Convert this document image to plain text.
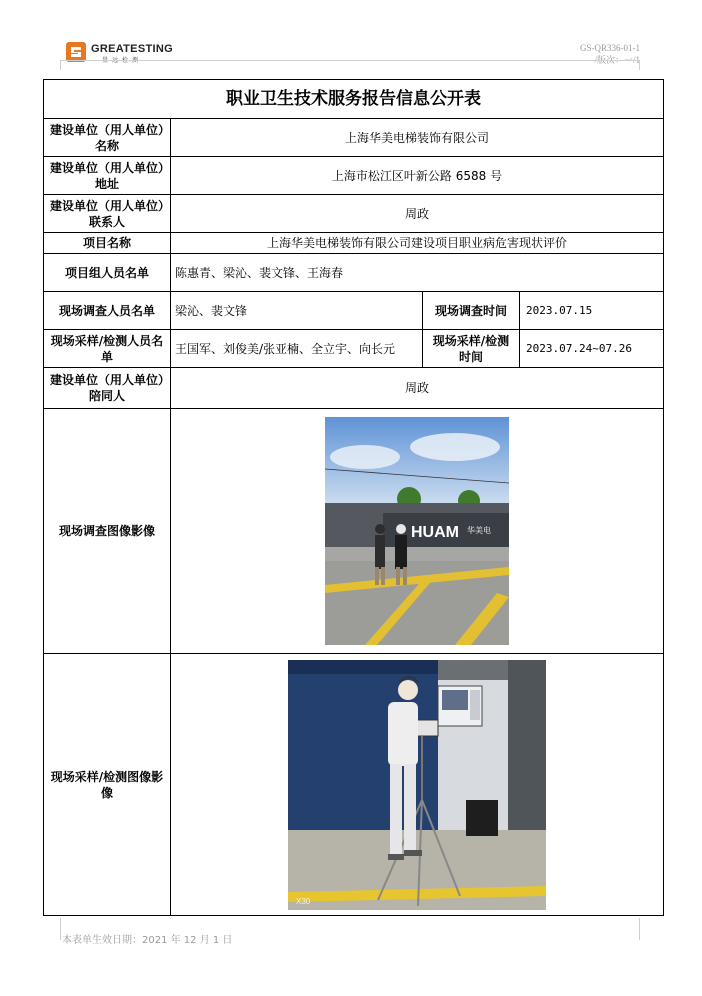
GREATESTING
量远检测
GS-QR336-01-1
/版次：一/1
职业卫生技术服务报告信息公开表			
建设单位（用人单位）名称	上海华美电梯装饰有限公司		
建设单位（用人单位）地址	上海市松江区叶新公路 6588 号		
建设单位（用人单位）联系人	周政		
项目名称	上海华美电梯装饰有限公司建设项目职业病危害现状评价		
项目组人员名单	陈惠青、梁沁、裴文锋、王海春		
现场调查人员名单	梁沁、裴文锋	现场调查时间	2023.07.15
现场采样/检测人员名单	王国军、刘俊美/张亚楠、全立宇、向长元	现场采样/检测时间	2023.07.24~07.26
建设单位（用人单位）陪同人	周政		
现场调查图像影像	HUAM 华美电		

现场采样/检测图像影像	X30		
本表单生效日期：2021 年 12 月 1 日
